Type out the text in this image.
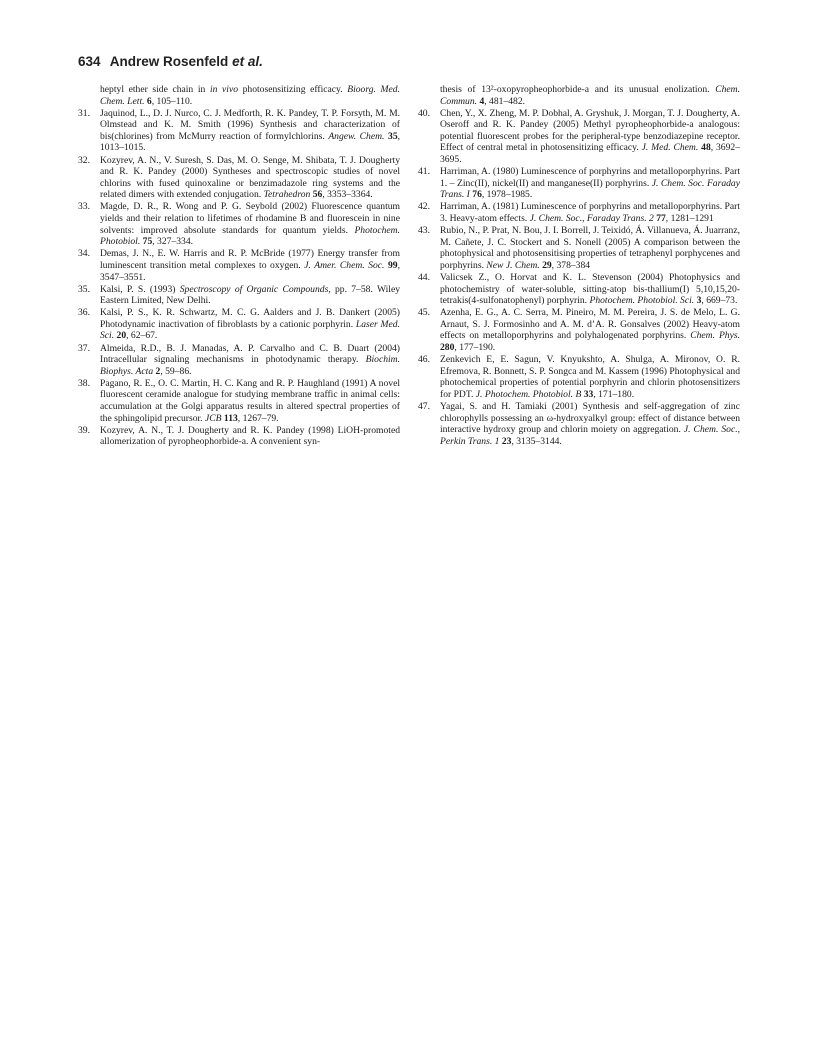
634 Andrew Rosenfeld et al.
heptyl ether side chain in in vivo photosensitizing efficacy. Bioorg. Med. Chem. Lett. 6, 105–110.
31 .	Jaquinod, L., D. J. Nurco, C. J. Medforth, R. K. Pandey, T. P. Forsyth, M. M. Olmstead and K. M. Smith (1996) Synthesis and characterization of bis(chlorines) from McMurry reaction of formylchlorins. Angew. Chem. 35, 1013–1015.
32 .	Kozyrev, A. N., V. Suresh, S. Das, M. O. Senge, M. Shibata, T. J. Dougherty and R. K. Pandey (2000) Syntheses and spectroscopic studies of novel chlorins with fused quinoxaline or benzimadazole ring systems and the related dimers with extended conjugation. Tetrahedron 56, 3353–3364.
33 .	Magde, D. R., R. Wong and P. G. Seybold (2002) Fluorescence quantum yields and their relation to lifetimes of rhodamine B and fluorescein in nine solvents: improved absolute standards for quantum yields. Photochem. Photobiol. 75, 327–334.
34 .	Demas, J. N., E. W. Harris and R. P. McBride (1977) Energy transfer from luminescent transition metal complexes to oxygen. J. Amer. Chem. Soc. 99, 3547–3551.
35 .	Kalsi, P. S. (1993) Spectroscopy of Organic Compounds, pp. 7–58. Wiley Eastern Limited, New Delhi.
36 .	Kalsi, P. S., K. R. Schwartz, M. C. G. Aalders and J. B. Dankert (2005) Photodynamic inactivation of fibroblasts by a cationic porphyrin. Laser Med. Sci. 20, 62–67.
37 .	Almeida, R.D., B. J. Manadas, A. P. Carvalho and C. B. Duart (2004) Intracellular signaling mechanisms in photodynamic therapy. Biochim. Biophys. Acta 2, 59–86.
38 .	Pagano, R. E., O. C. Martin, H. C. Kang and R. P. Haughland (1991) A novel fluorescent ceramide analogue for studying membrane traffic in animal cells: accumulation at the Golgi apparatus results in altered spectral properties of the sphingolipid precursor. JCB 113, 1267–79.
39 .	Kozyrev, A. N., T. J. Dougherty and R. K. Pandey (1998) LiOH-promoted allomerization of pyropheophorbide-a. A convenient syn-
thesis of 13²-oxopyropheophorbide-a and its unusual enolization. Chem. Commun. 4, 481–482.
40 .	Chen, Y., X. Zheng, M. P. Dobhal, A. Gryshuk, J. Morgan, T. J. Dougherty, A. Oseroff and R. K. Pandey (2005) Methyl pyropheophorbide-a analogous: potential fluorescent probes for the peripheral-type benzodiazepine receptor. Effect of central metal in photosensitizing efficacy. J. Med. Chem. 48, 3692–3695.
41 .	Harriman, A. (1980) Luminescence of porphyrins and metalloporphyrins. Part 1. – Zinc(II), nickel(II) and manganese(II) porphyrins. J. Chem. Soc. Faraday Trans. I 76, 1978–1985.
42 .	Harriman, A. (1981) Luminescence of porphyrins and metalloporphyrins. Part 3. Heavy-atom effects. J. Chem. Soc., Faraday Trans. 2 77, 1281–1291
43 .	Rubio, N., P. Prat, N. Bou, J. I. Borrell, J. Teixidó, Á. Villanueva, Á. Juarranz, M. Cañete, J. C. Stockert and S. Nonell (2005) A comparison between the photophysical and photosensitising properties of tetraphenyl porphycenes and porphyrins. New J. Chem. 29, 378–384
44 .	Valicsek Z., O. Horvat and K. L. Stevenson (2004) Photophysics and photochemistry of water-soluble, sitting-atop bis-thallium(I) 5,10,15,20-tetrakis(4-sulfonatophenyl) porphyrin. Photochem. Photobiol. Sci. 3, 669–73.
45 .	Azenha, E. G., A. C. Serra, M. Pineiro, M. M. Pereira, J. S. de Melo, L. G. Arnaut, S. J. Formosinho and A. M. d’A. R. Gonsalves (2002) Heavy-atom effects on metalloporphyrins and polyhalogenated porphyrins. Chem. Phys. 280, 177–190.
46 .	Zenkevich E, E. Sagun, V. Knyukshto, A. Shulga, A. Mironov, O. R. Efremova, R. Bonnett, S. P. Songca and M. Kassem (1996) Photophysical and photochemical properties of potential porphyrin and chlorin photosensitizers for PDT. J. Photochem. Photobiol. B 33, 171–180.
47 .	Yagai, S. and H. Tamiaki (2001) Synthesis and self-aggregation of zinc chlorophylls possessing an ω-hydroxyalkyl group: effect of distance between interactive hydroxy group and chlorin moiety on aggregation. J. Chem. Soc., Perkin Trans. 1 23, 3135–3144.
